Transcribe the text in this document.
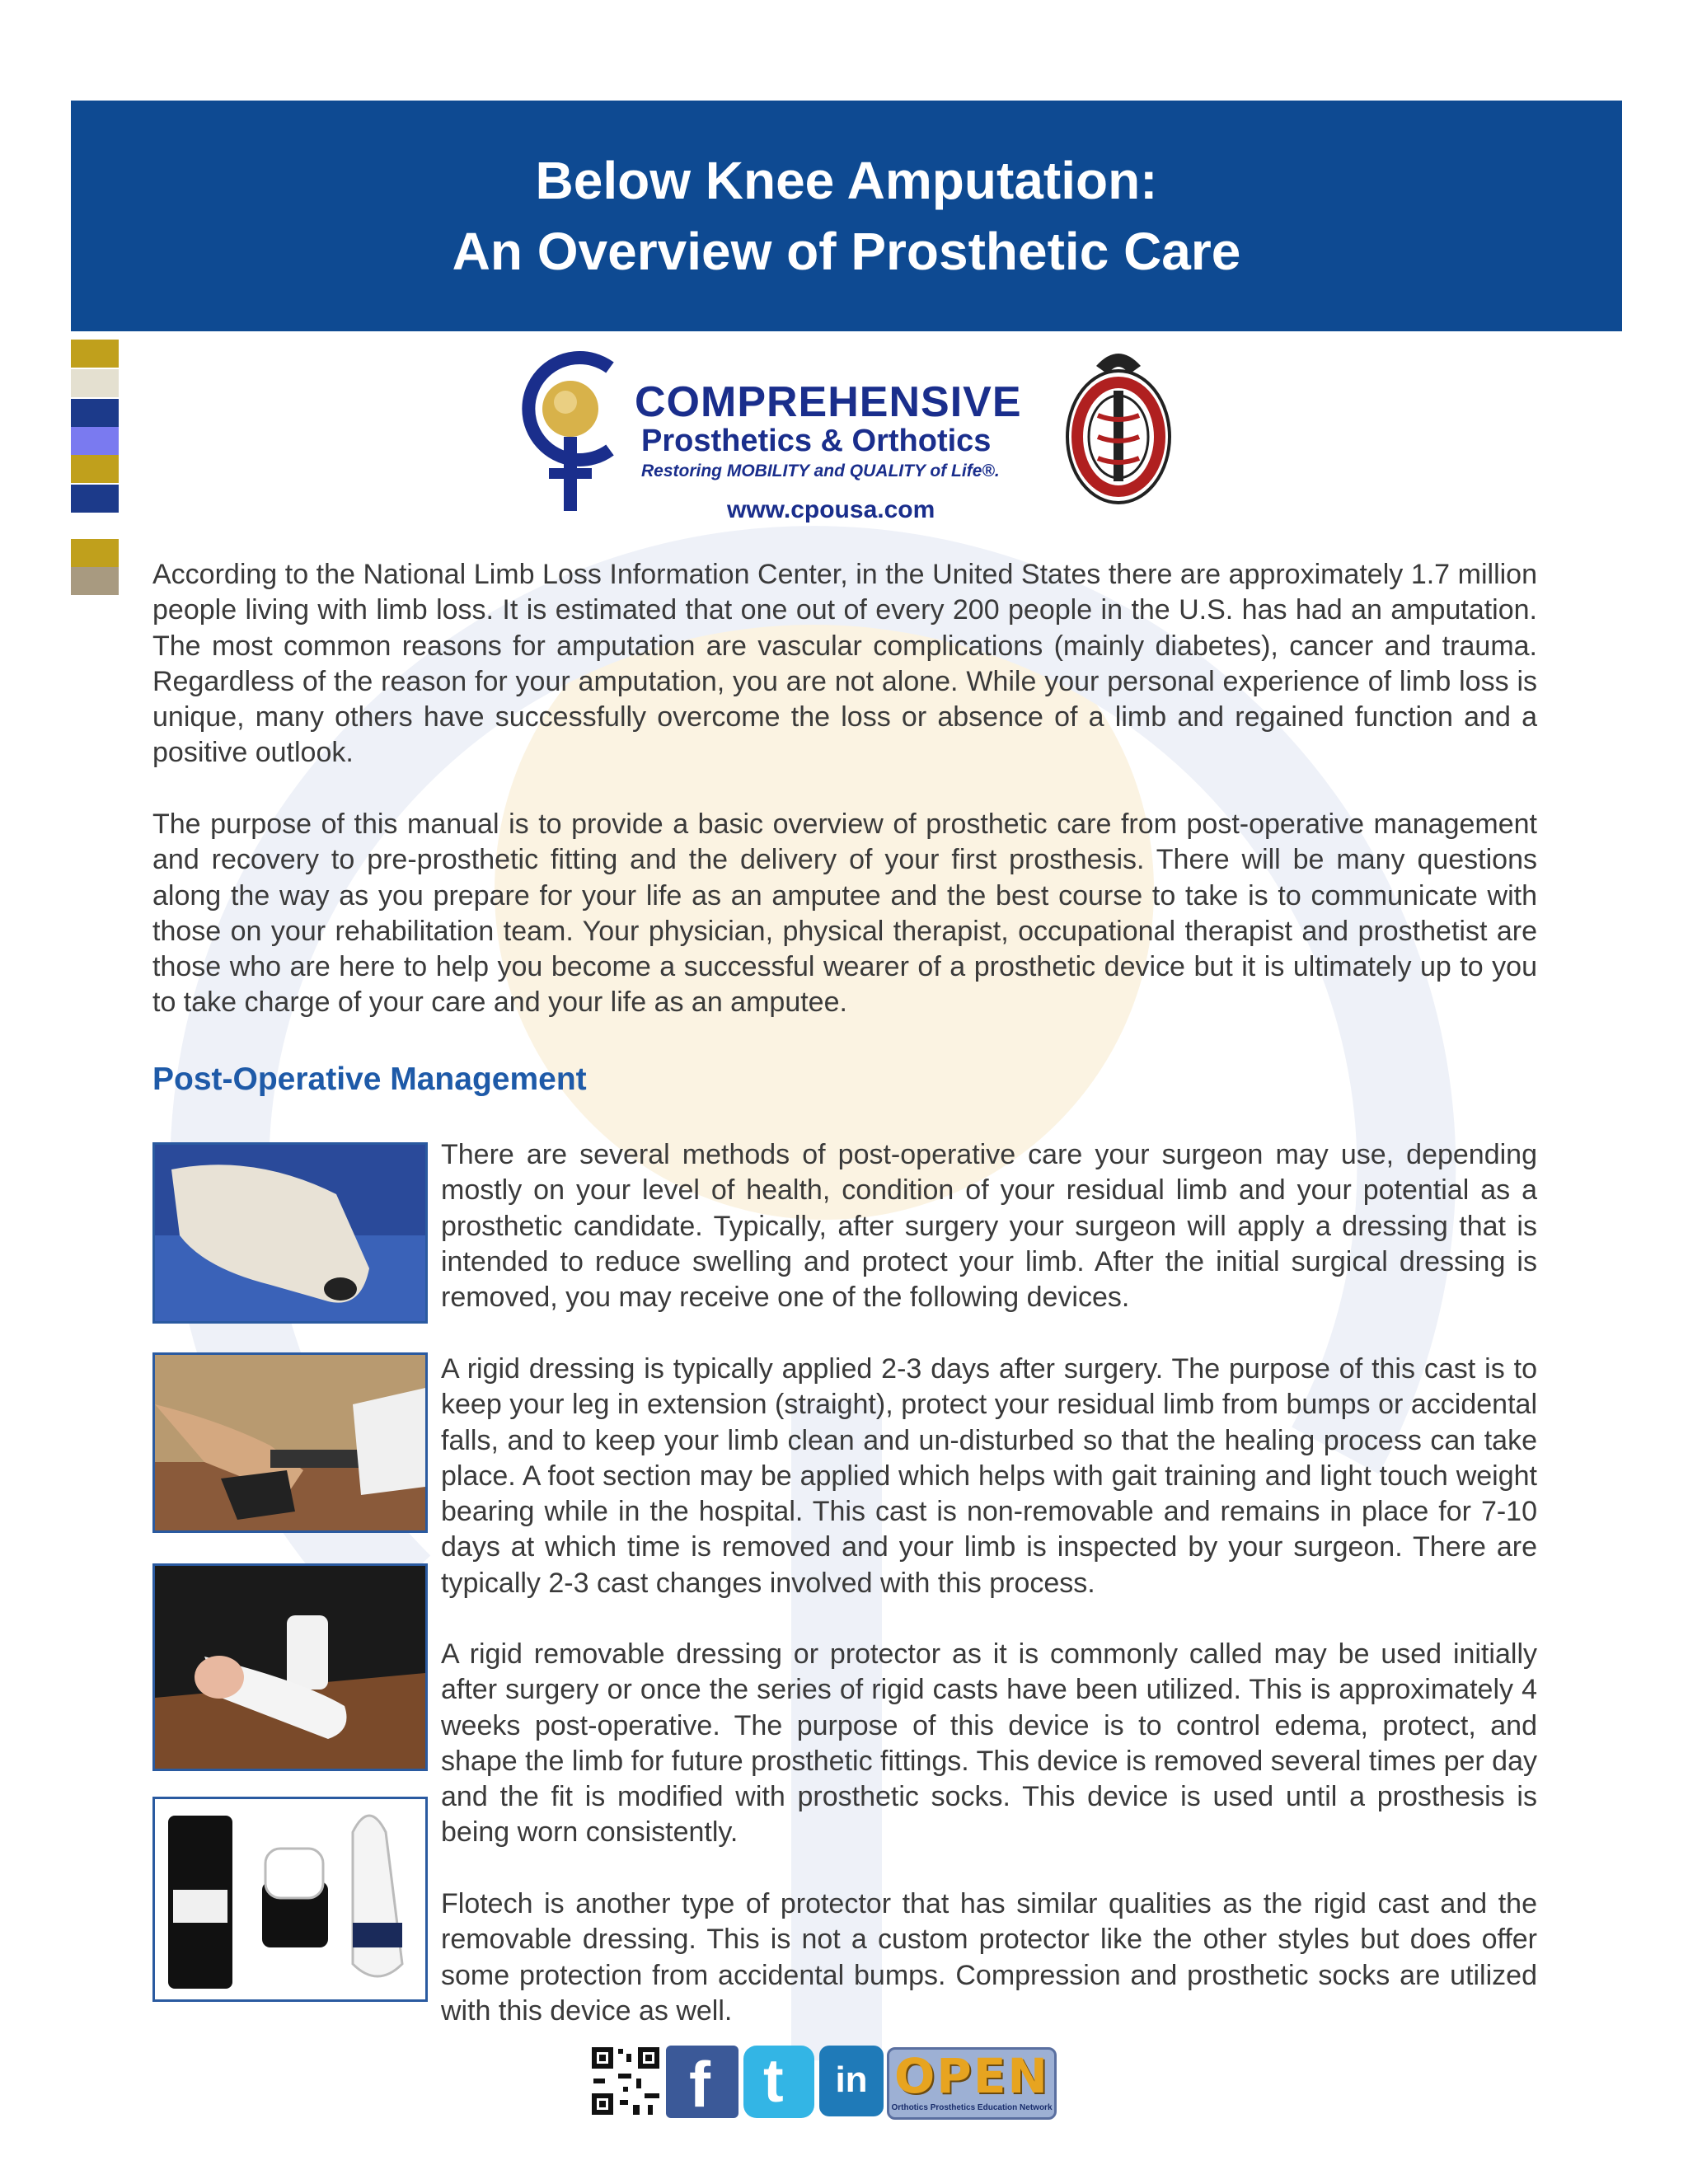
Below Knee Amputation:
An Overview of Prosthetic Care
COMPREHENSIVE
Prosthetics & Orthotics
Restoring MOBILITY and QUALITY of Life®.
www.cpousa.com
According to the National Limb Loss Information Center, in the United States there are approximately 1.7 million people living with limb loss. It is estimated that one out of every 200 people in the U.S. has had an amputation. The most common reasons for amputation are vascular complications (mainly diabetes), cancer and trauma. Regardless of the reason for your amputation, you are not alone. While your personal experience of limb loss is unique, many others have successfully overcome the loss or absence of a limb and regained function and a positive outlook.
The purpose of this manual is to provide a basic overview of prosthetic care from post-operative management and recovery to pre-prosthetic fitting and the delivery of your first prosthesis. There will be many questions along the way as you prepare for your life as an amputee and the best course to take is to communicate with those on your rehabilitation team. Your physician, physical therapist, occupational therapist and prosthetist are those who are here to help you become a successful wearer of a prosthetic device but it is ultimately up to you to take charge of your care and your life as an amputee.
Post-Operative Management
There are several methods of post-operative care your surgeon may use, depending mostly on your level of health, condition of your residual limb and your potential as a prosthetic candidate. Typically, after surgery your surgeon will apply a dressing that is intended to reduce swelling and protect your limb. After the initial surgical dressing is removed, you may receive one of the following devices.
A rigid dressing is typically applied 2-3 days after surgery. The purpose of this cast is to keep your leg in extension (straight), protect your residual limb from bumps or accidental falls, and to keep your limb clean and un-disturbed so that the healing process can take place. A foot section may be applied which helps with gait training and light touch weight bearing while in the hospital. This cast is non-removable and remains in place for 7-10 days at which time is removed and your limb is inspected by your surgeon. There are typically 2-3 cast changes involved with this process.
A rigid removable dressing or protector as it is commonly called may be used initially after surgery or once the series of rigid casts have been utilized. This is approximately 4 weeks post-operative. The purpose of this device is to control edema, protect, and shape the limb for future prosthetic fittings. This device is removed several times per day and the fit is modified with prosthetic socks. This device is used until a prosthesis is being worn consistently.
Flotech is another type of protector that has similar qualities as the rigid cast and the removable dressing. This is not a custom protector like the other styles but does offer some protection from accidental bumps. Compression and prosthetic socks are utilized with this device as well.
f t	in OPEN
Orthotics Prosthetics Education Network
